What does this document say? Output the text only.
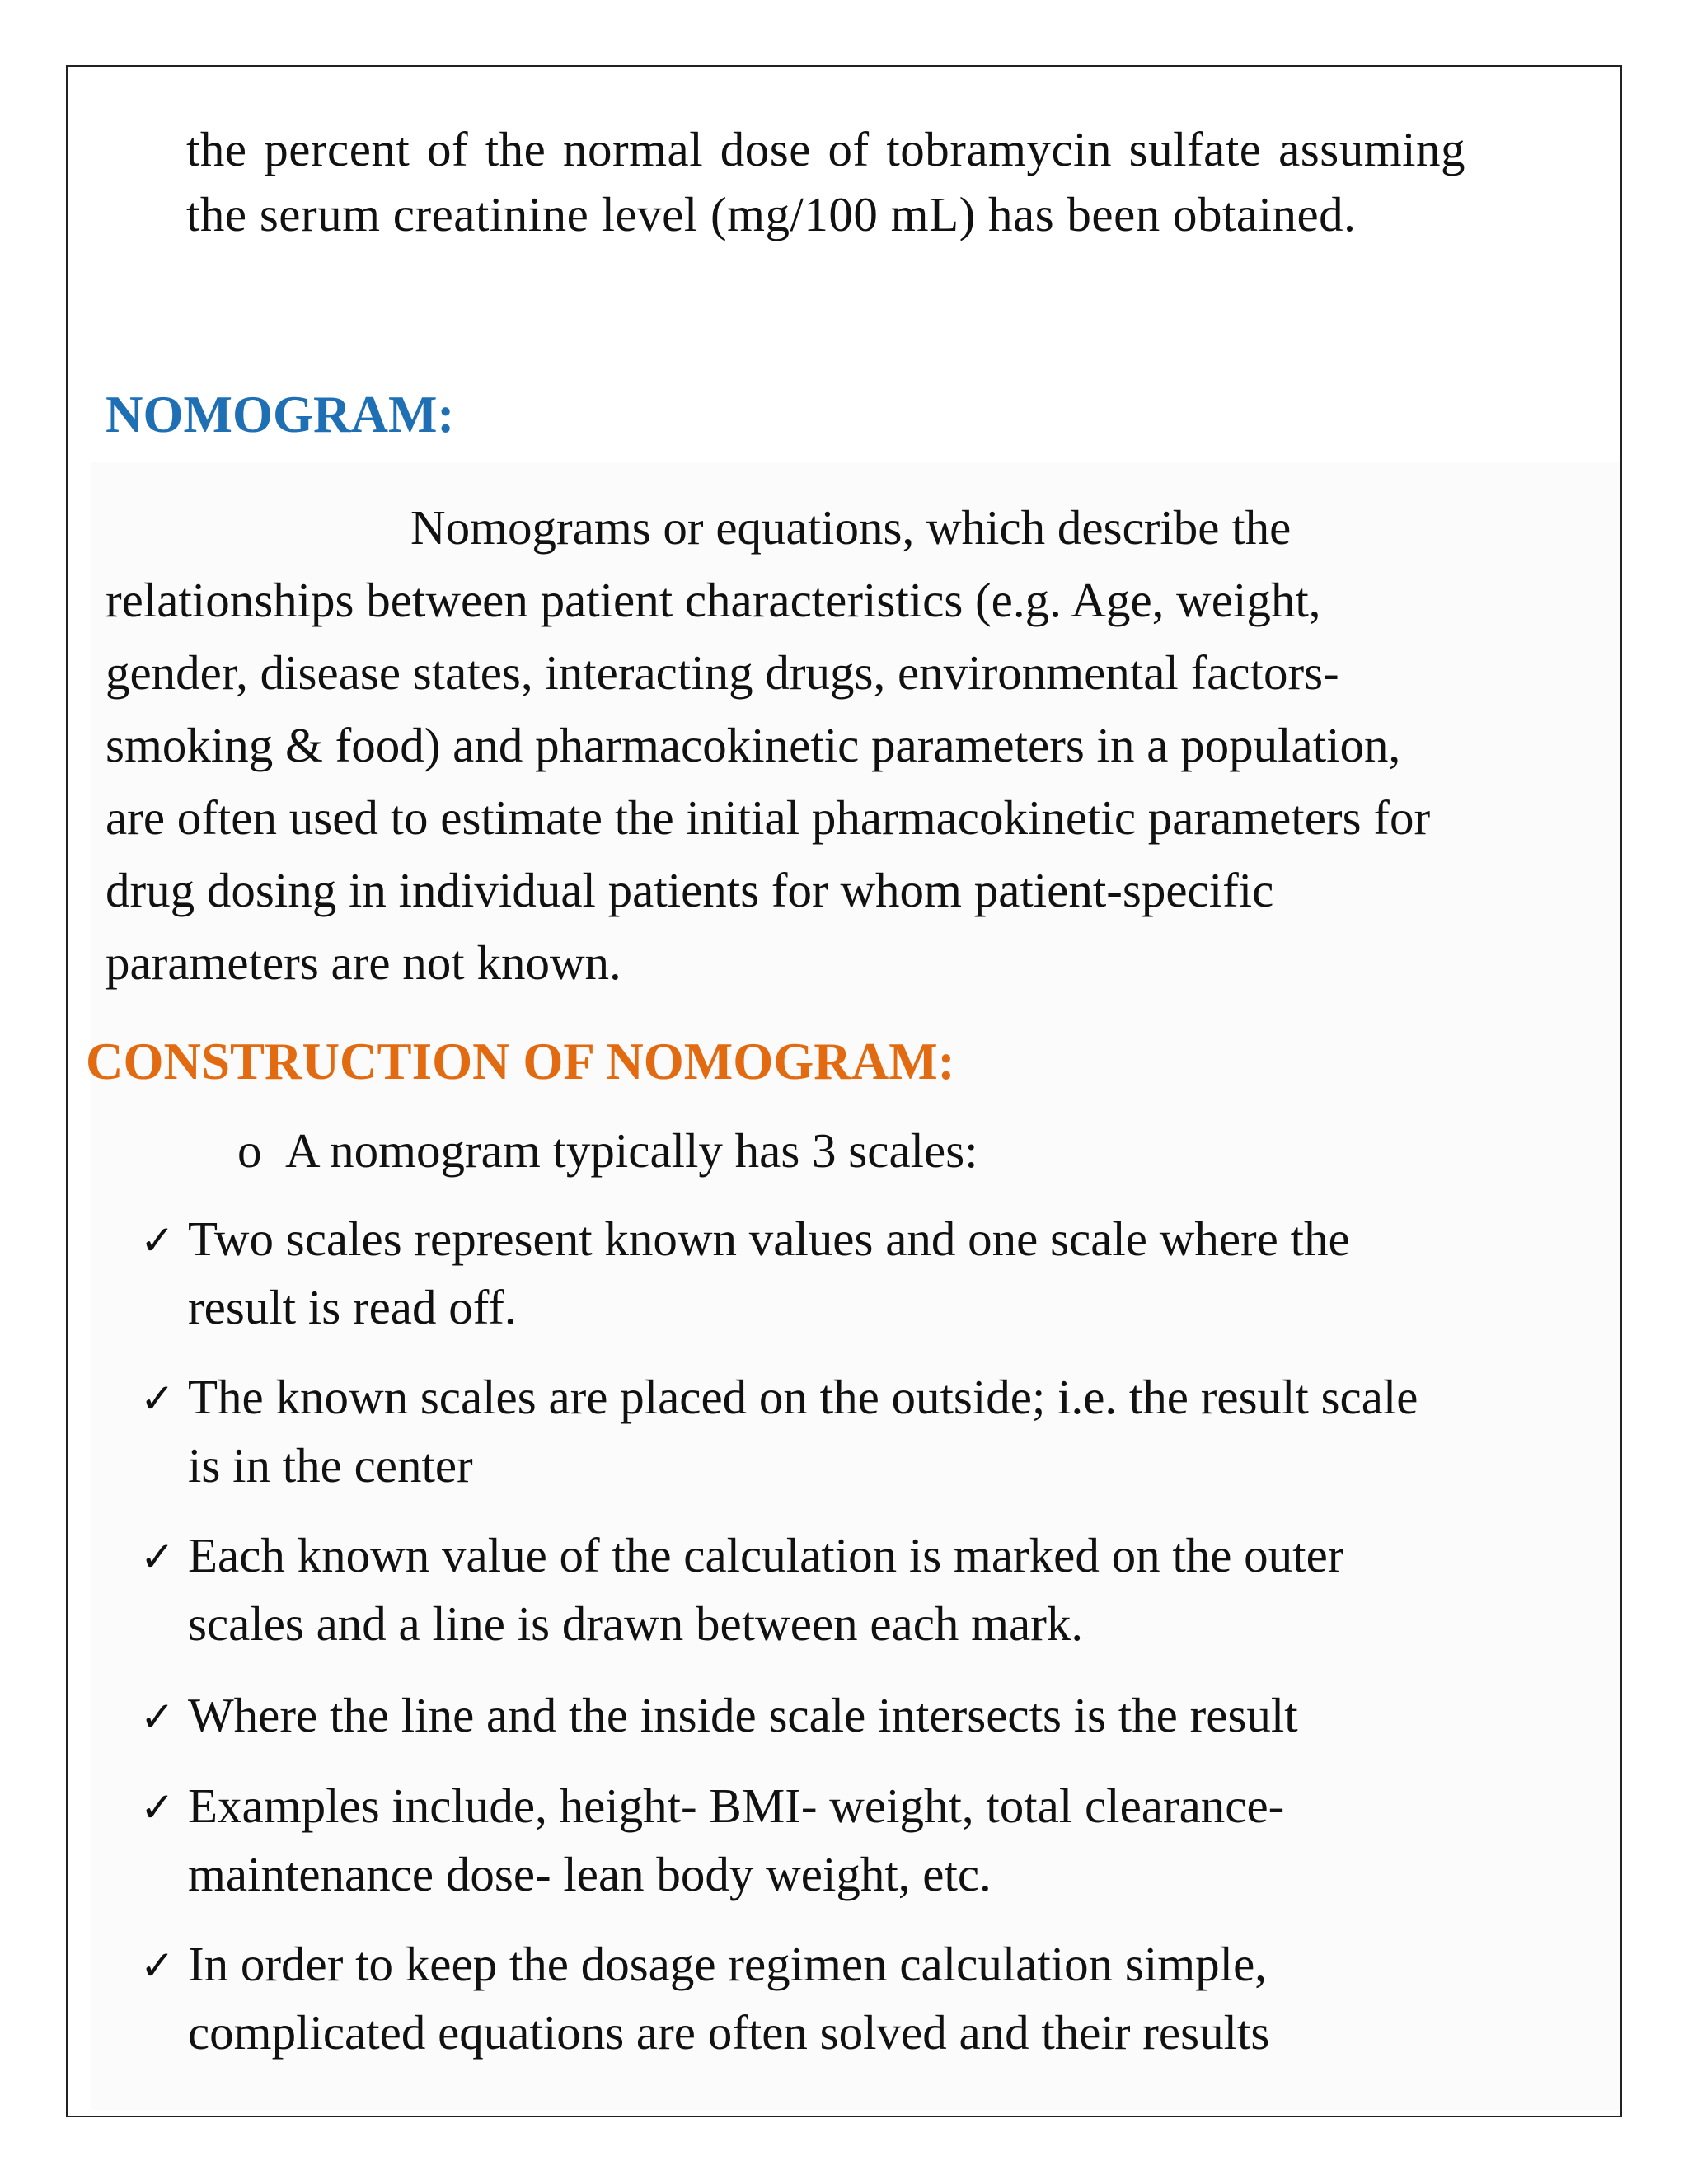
the percent of the normal dose of tobramycin sulfate assuming the serum creatinine level (mg/100 mL) has been obtained.

NOMOGRAM:
Nomograms or equations, which describe the
relationships between patient characteristics (e.g. Age, weight,
gender, disease states, interacting drugs, environmental factors-
smoking & food) and pharmacokinetic parameters in a population,
are often used to estimate the initial pharmacokinetic parameters for
drug dosing in individual patients for whom patient-specific
parameters are not known.
CONSTRUCTION OF NOMOGRAM:
o A nomogram typically has 3 scales:
✓ Two scales represent known values and one scale where the
result is read off.
✓ The known scales are placed on the outside; i.e. the result scale
is in the center
✓ Each known value of the calculation is marked on the outer
scales and a line is drawn between each mark.
✓ Where the line and the inside scale intersects is the result
✓ Examples include, height- BMI- weight, total clearance-
maintenance dose- lean body weight, etc.
✓ In order to keep the dosage regimen calculation simple,
complicated equations are often solved and their results
